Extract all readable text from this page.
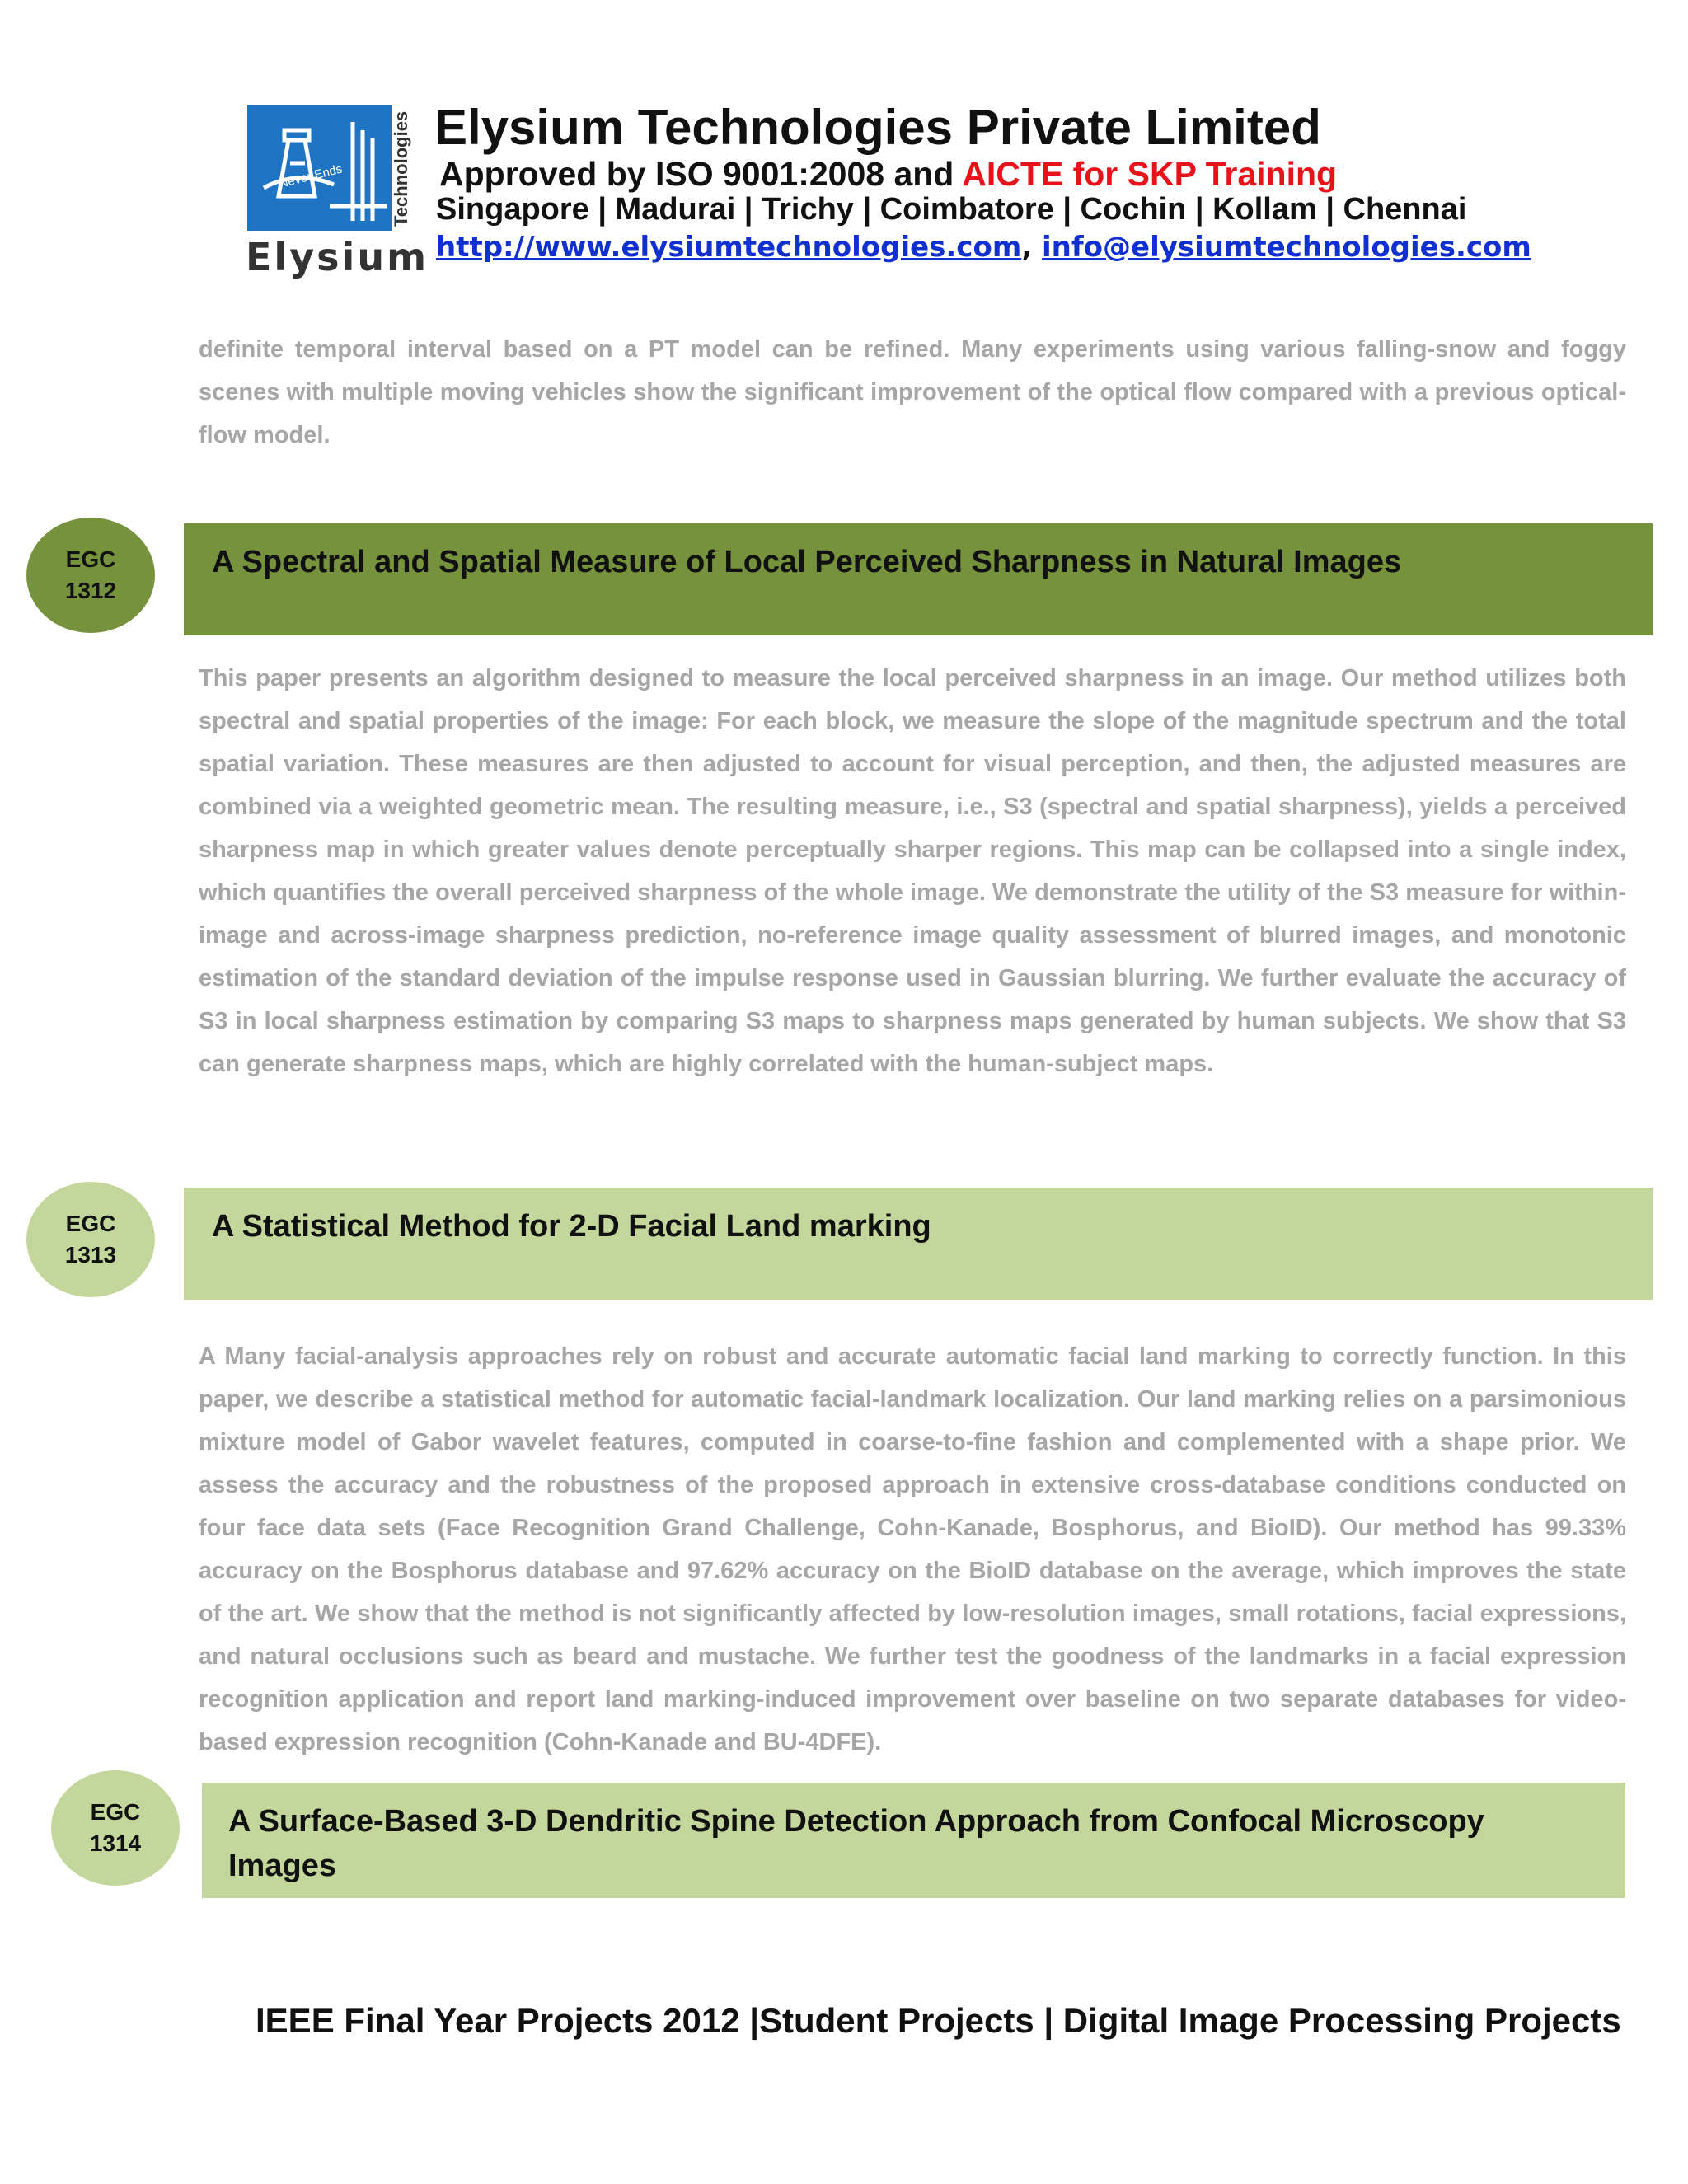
Never Ends	Technologies
Elysium
Elysium Technologies Private Limited
Approved by ISO 9001:2008 and AICTE for SKP Training
Singapore | Madurai | Trichy | Coimbatore | Cochin | Kollam | Chennai
http://www.elysiumtechnologies.com, info@elysiumtechnologies.com
definite temporal interval based on a PT model can be refined. Many experiments using various falling-snow and foggy scenes with multiple moving vehicles show the significant improvement of the optical flow compared with a previous optical-flow model.
EGC
1312
A Spectral and Spatial Measure of Local Perceived Sharpness in Natural Images
This paper presents an algorithm designed to measure the local perceived sharpness in an image. Our method utilizes both spectral and spatial properties of the image: For each block, we measure the slope of the magnitude spectrum and the total spatial variation. These measures are then adjusted to account for visual perception, and then, the adjusted measures are combined via a weighted geometric mean. The resulting measure, i.e., S3 (spectral and spatial sharpness), yields a perceived sharpness map in which greater values denote perceptually sharper regions. This map can be collapsed into a single index, which quantifies the overall perceived sharpness of the whole image. We demonstrate the utility of the S3 measure for within-image and across-image sharpness prediction, no-reference image quality assessment of blurred images, and monotonic estimation of the standard deviation of the impulse response used in Gaussian blurring. We further evaluate the accuracy of S3 in local sharpness estimation by comparing S3 maps to sharpness maps generated by human subjects. We show that S3 can generate sharpness maps, which are highly correlated with the human-subject maps.
EGC
1313
A Statistical Method for 2-D Facial Land marking
A Many facial-analysis approaches rely on robust and accurate automatic facial land marking to correctly function. In this paper, we describe a statistical method for automatic facial-landmark localization. Our land marking relies on a parsimonious mixture model of Gabor wavelet features, computed in coarse-to-fine fashion and complemented with a shape prior. We assess the accuracy and the robustness of the proposed approach in extensive cross-database conditions conducted on four face data sets (Face Recognition Grand Challenge, Cohn-Kanade, Bosphorus, and BioID). Our method has 99.33% accuracy on the Bosphorus database and 97.62% accuracy on the BioID database on the average, which improves the state of the art. We show that the method is not significantly affected by low-resolution images, small rotations, facial expressions, and natural occlusions such as beard and mustache. We further test the goodness of the landmarks in a facial expression recognition application and report land marking-induced improvement over baseline on two separate databases for video-based expression recognition (Cohn-Kanade and BU-4DFE).
EGC
1314
A Surface-Based 3-D Dendritic Spine Detection Approach from Confocal Microscopy Images
IEEE Final Year Projects 2012 |Student Projects | Digital Image Processing Projects
